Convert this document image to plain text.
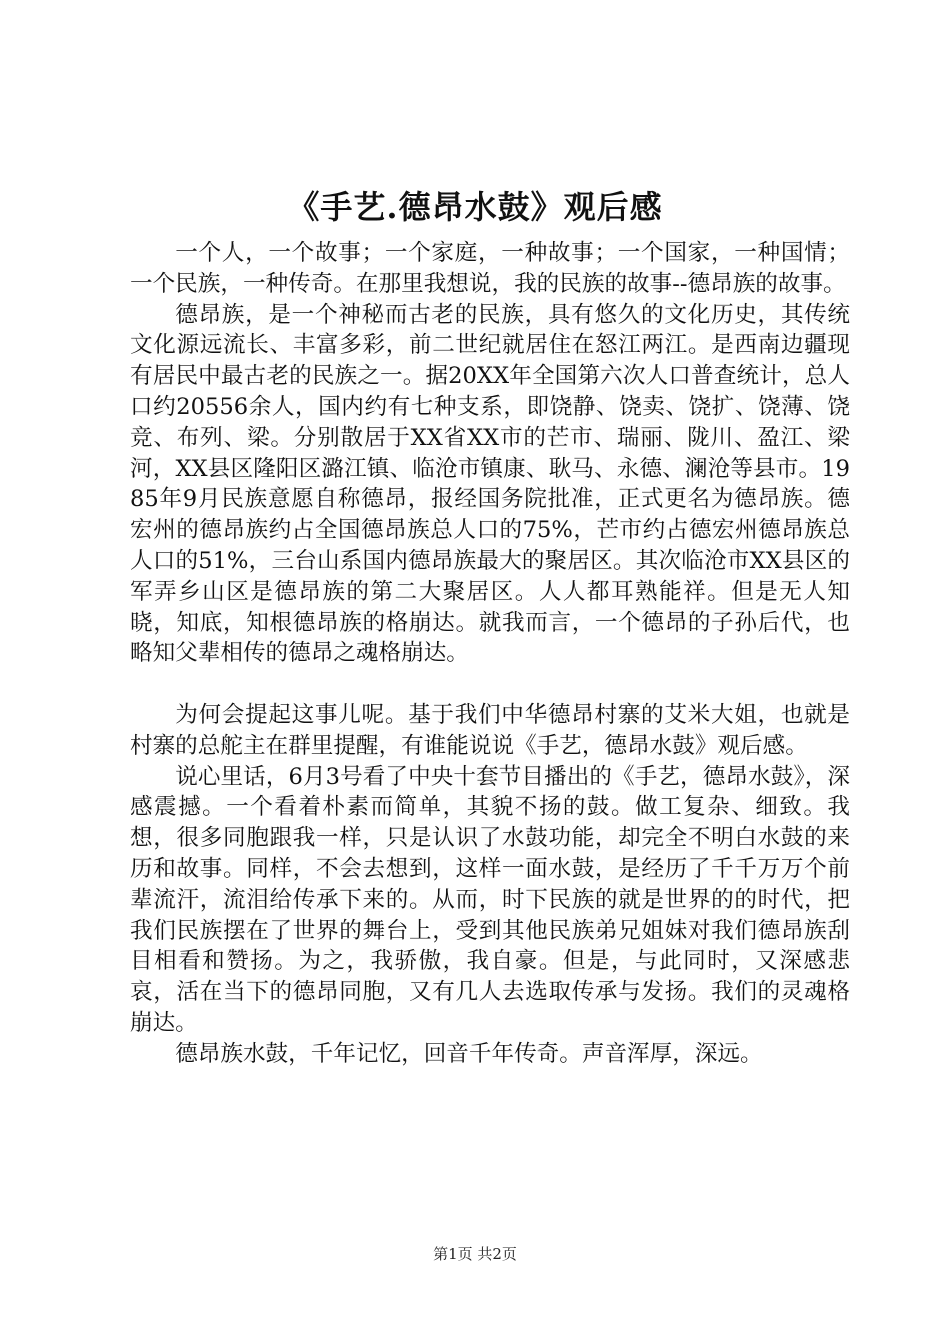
《手艺.德昂水鼓》观后感

一个人，一个故事；一个家庭，一种故事；一个国家，一种国情；一个民族，一种传奇。在那里我想说，我的民族的故事--德昂族的故事。

德昂族，是一个神秘而古老的民族，具有悠久的文化历史，其传统文化源远流长、丰富多彩，前二世纪就居住在怒江两江。是西南边疆现有居民中最古老的民族之一。据20XX年全国第六次人口普查统计，总人口约20556余人，国内约有七种支系，即饶静、饶卖、饶扩、饶薄、饶竞、布列、梁。分别散居于XX省XX市的芒市、瑞丽、陇川、盈江、梁河，XX县区隆阳区潞江镇、临沧市镇康、耿马、永德、澜沧等县市。1985年9月民族意愿自称德昂，报经国务院批准，正式更名为德昂族。德宏州的德昂族约占全国德昂族总人口的75%，芒市约占德宏州德昂族总人口的51%，三台山系国内德昂族最大的聚居区。其次临沧市XX县区的军弄乡山区是德昂族的第二大聚居区。人人都耳熟能祥。但是无人知晓，知底，知根德昂族的格崩达。就我而言，一个德昂的子孙后代，也略知父辈相传的德昂之魂格崩达。

为何会提起这事儿呢。基于我们中华德昂村寨的艾米大姐，也就是村寨的总舵主在群里提醒，有谁能说说《手艺，德昂水鼓》观后感。

说心里话，6月3号看了中央十套节目播出的《手艺，德昂水鼓》，深感震撼。一个看着朴素而简单，其貌不扬的鼓。做工复杂、细致。我想，很多同胞跟我一样，只是认识了水鼓功能，却完全不明白水鼓的来历和故事。同样，不会去想到，这样一面水鼓，是经历了千千万万个前辈流汗，流泪给传承下来的。从而，时下民族的就是世界的的时代，把我们民族摆在了世界的舞台上，受到其他民族弟兄姐妹对我们德昂族刮目相看和赞扬。为之，我骄傲，我自豪。但是，与此同时，又深感悲哀，活在当下的德昂同胞，又有几人去选取传承与发扬。我们的灵魂格崩达。

德昂族水鼓，千年记忆，回音千年传奇。声音浑厚，深远。

第1页 共2页
